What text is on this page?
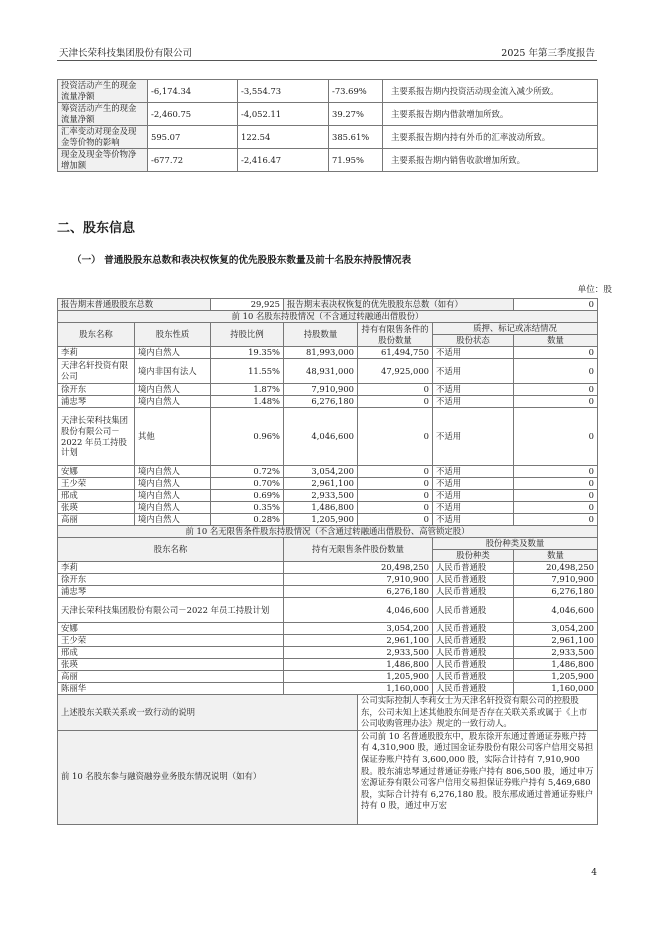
天津长荣科技集团股份有限公司	2025 年第三季度报告
投资活动产生的现金流量净额	-6,174.34	-3,554.73	-73.69%	主要系报告期内投资活动现金流入减少所致。
筹资活动产生的现金流量净额	-2,460.75	-4,052.11	39.27%	主要系报告期内借款增加所致。
汇率变动对现金及现金等价物的影响	595.07	122.54	385.61%	主要系报告期内持有外币的汇率波动所致。
现金及现金等价物净增加额	-677.72	-2,416.47	71.95%	主要系报告期内销售收款增加所致。
二、股东信息
（一） 普通股股东总数和表决权恢复的优先股股东数量及前十名股东持股情况表
单位：股
报告期末普通股股东总数		29,925	报告期末表决权恢复的优先股股东总数（如有）			0
前 10 名股东持股情况（不含通过转融通出借股份）						
股东名称	股东性质	持股比例	持股数量	持有有限售条件的股份数量	质押、标记或冻结情况	
					股份状态	数量
李莉	境内自然人	19.35%	81,993,000	61,494,750	不适用	0
天津名轩投资有限公司	境内非国有法人	11.55%	48,931,000	47,925,000	不适用	0
徐开东	境内自然人	1.87%	7,910,900	0	不适用	0
浦忠琴	境内自然人	1.48%	6,276,180	0	不适用	0
天津长荣科技集团股份有限公司－2022 年员工持股计划	其他	0.96%	4,046,600	0	不适用	0
安娜	境内自然人	0.72%	3,054,200	0	不适用	0
王少荣	境内自然人	0.70%	2,961,100	0	不适用	0
邢成	境内自然人	0.69%	2,933,500	0	不适用	0
张瑛	境内自然人	0.35%	1,486,800	0	不适用	0
高丽	境内自然人	0.28%	1,205,900	0	不适用	0
前 10 名无限售条件股东持股情况（不含通过转融通出借股份、高管锁定股）						
股东名称			持有无限售条件股份数量		股份种类及数量	
					股份种类	数量
李莉			20,498,250		人民币普通股	20,498,250
徐开东			7,910,900		人民币普通股	7,910,900
浦忠琴			6,276,180		人民币普通股	6,276,180
天津长荣科技集团股份有限公司－2022 年员工持股计划			4,046,600		人民币普通股	4,046,600
安娜			3,054,200		人民币普通股	3,054,200
王少荣			2,961,100		人民币普通股	2,961,100
邢成			2,933,500		人民币普通股	2,933,500
张瑛			1,486,800		人民币普通股	1,486,800
高丽			1,205,900		人民币普通股	1,205,900
陈丽华			1,160,000		人民币普通股	1,160,000
上述股东关联关系或一致行动的说明				公司实际控制人李莉女士为天津名轩投资有限公司的控股股东，公司未知上述其他股东间是否存在关联关系或属于《上市公司收购管理办法》规定的一致行动人。		
前 10 名股东参与融资融券业务股东情况说明（如有）				公司前 10 名普通股股东中，股东徐开东通过普通证券账户持有 4,310,900 股，通过国金证券股份有限公司客户信用交易担保证券账户持有 3,600,000 股，实际合计持有 7,910,900 股。股东浦忠琴通过普通证券账户持有 806,500 股，通过申万宏源证券有限公司客户信用交易担保证券账户持有 5,469,680 股，实际合计持有 6,276,180 股。股东邢成通过普通证券账户持有 0 股，通过申万宏		
4
